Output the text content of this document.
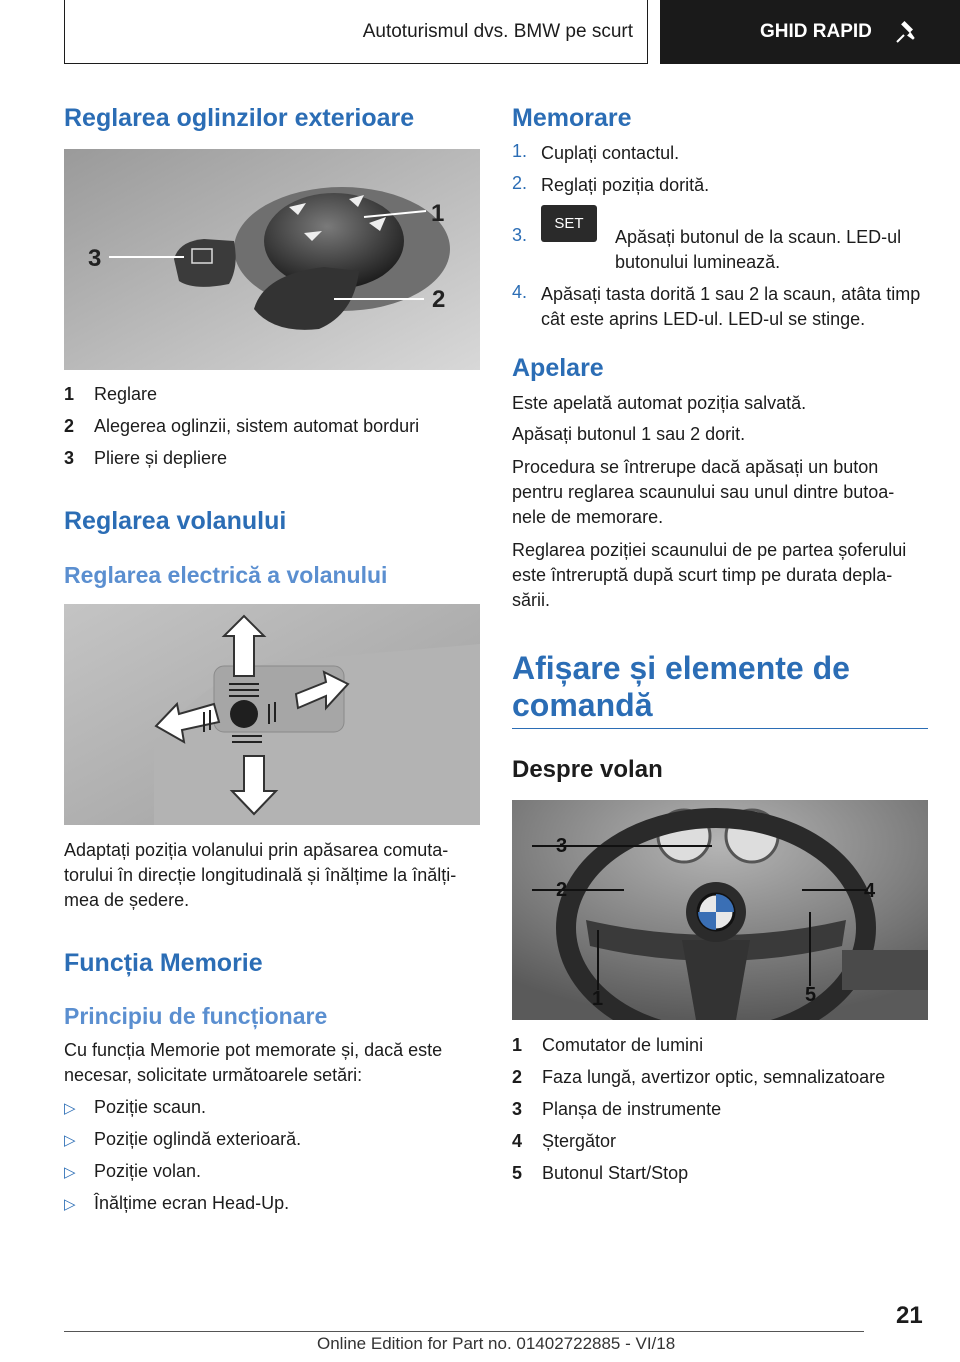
Autoturismul dvs. BMW pe scurt	GHID RAPID
Reglarea oglinzilor exterioare
1
2
3
1	Reglare
2	Alegerea oglinzii, sistem automat borduri
3	Pliere și depliere
Reglarea volanului
Reglarea electrică a volanului

Adaptați poziția volanului prin apăsarea comuta-torului în direcție longitudinală și înălțime la înălți-mea de ședere.

Funcția Memorie
Principiu de funcționare

Cu funcția Memorie pot memorate și, dacă este necesar, solicitate următoarele setări:

▷	Poziție scaun.
▷	Poziție oglindă exterioară.
▷	Poziție volan.
▷	Înălțime ecran Head-Up.
Memorare
1. Cuplați contactul.
2. Reglați poziția dorită.
3.
SET
Apăsați butonul de la scaun. LED-ul butonului luminează.
4. Apăsați tasta dorită 1 sau 2 la scaun, atâta timp cât este aprins LED-ul. LED-ul se stinge.
Apelare

Este apelată automat poziția salvată.

Apăsați butonul 1 sau 2 dorit.

Procedura se întrerupe dacă apăsați un buton pentru reglarea scaunului sau unul dintre butoa-nele de memorare.

Reglarea poziției scaunului de pe partea șoferului este întreruptă după scurt timp pe durata depla-sării.

Afișare și elemente de comandă
Despre volan
1
2
3
4
5
1	Comutator de lumini
2	Faza lungă, avertizor optic, semnalizatoare
3	Planșa de instrumente
4	Ștergător
5	Butonul Start/Stop
21
Online Edition for Part no. 01402722885 - VI/18
